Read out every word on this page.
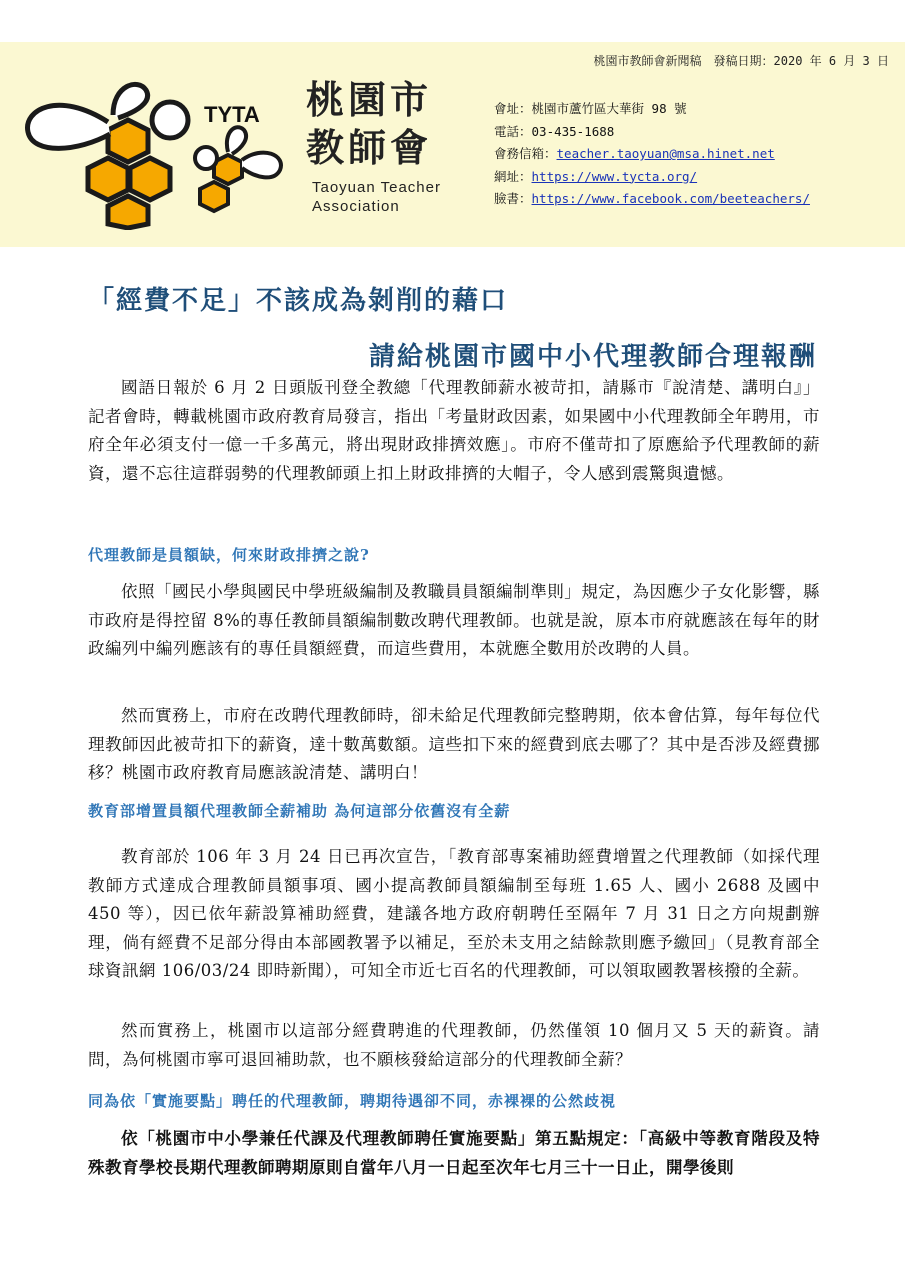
TYTA 桃園市
教師會
Taoyuan Teacher
Association
桃園市教師會新聞稿　發稿日期：2020 年 6 月 3 日
會址：桃園市蘆竹區大華街 98 號
電話：03-435-1688
會務信箱：teacher.taoyuan@msa.hinet.net
網址：https://www.tycta.org/
臉書：https://www.facebook.com/beeteachers/
「經費不足」不該成為剝削的藉口
請給桃園市國中小代理教師合理報酬

國語日報於 6 月 2 日頭版刊登全教總「代理教師薪水被苛扣，請縣市『說清楚、講明白』」記者會時，轉載桃園市政府教育局發言，指出「考量財政因素，如果國中小代理教師全年聘用，市府全年必須支付一億一千多萬元，將出現財政排擠效應」。市府不僅苛扣了原應給予代理教師的薪資，還不忘往這群弱勢的代理教師頭上扣上財政排擠的大帽子，令人感到震驚與遺憾。

代理教師是員額缺，何來財政排擠之說?

依照「國民小學與國民中學班級編制及教職員員額編制準則」規定，為因應少子女化影響，縣市政府是得控留 8%的專任教師員額編制數改聘代理教師。也就是說，原本市府就應該在每年的財政編列中編列應該有的專任員額經費，而這些費用，本就應全數用於改聘的人員。

然而實務上，市府在改聘代理教師時，卻未給足代理教師完整聘期，依本會估算，每年每位代理教師因此被苛扣下的薪資，達十數萬數額。這些扣下來的經費到底去哪了？其中是否涉及經費挪移？桃園市政府教育局應該說清楚、講明白！

教育部增置員額代理教師全薪補助 為何這部分依舊沒有全薪

教育部於 106 年 3 月 24 日已再次宣告，「教育部專案補助經費增置之代理教師（如採代理教師方式達成合理教師員額事項、國小提高教師員額編制至每班 1.65 人、國小 2688 及國中 450 等），因已依年薪設算補助經費，建議各地方政府朝聘任至隔年 7 月 31 日之方向規劃辦理，倘有經費不足部分得由本部國教署予以補足，至於未支用之結餘款則應予繳回」（見教育部全球資訊網 106/03/24 即時新聞），可知全市近七百名的代理教師，可以領取國教署核撥的全薪。

然而實務上，桃園市以這部分經費聘進的代理教師，仍然僅領 10 個月又 5 天的薪資。請問，為何桃園市寧可退回補助款，也不願核發給這部分的代理教師全薪？

同為依「實施要點」聘任的代理教師，聘期待遇卻不同，赤裸裸的公然歧視

依「桃園市中小學兼任代課及代理教師聘任實施要點」第五點規定：「高級中等教育階段及特殊教育學校長期代理教師聘期原則自當年八月一日起至次年七月三十一日止，開學後則
